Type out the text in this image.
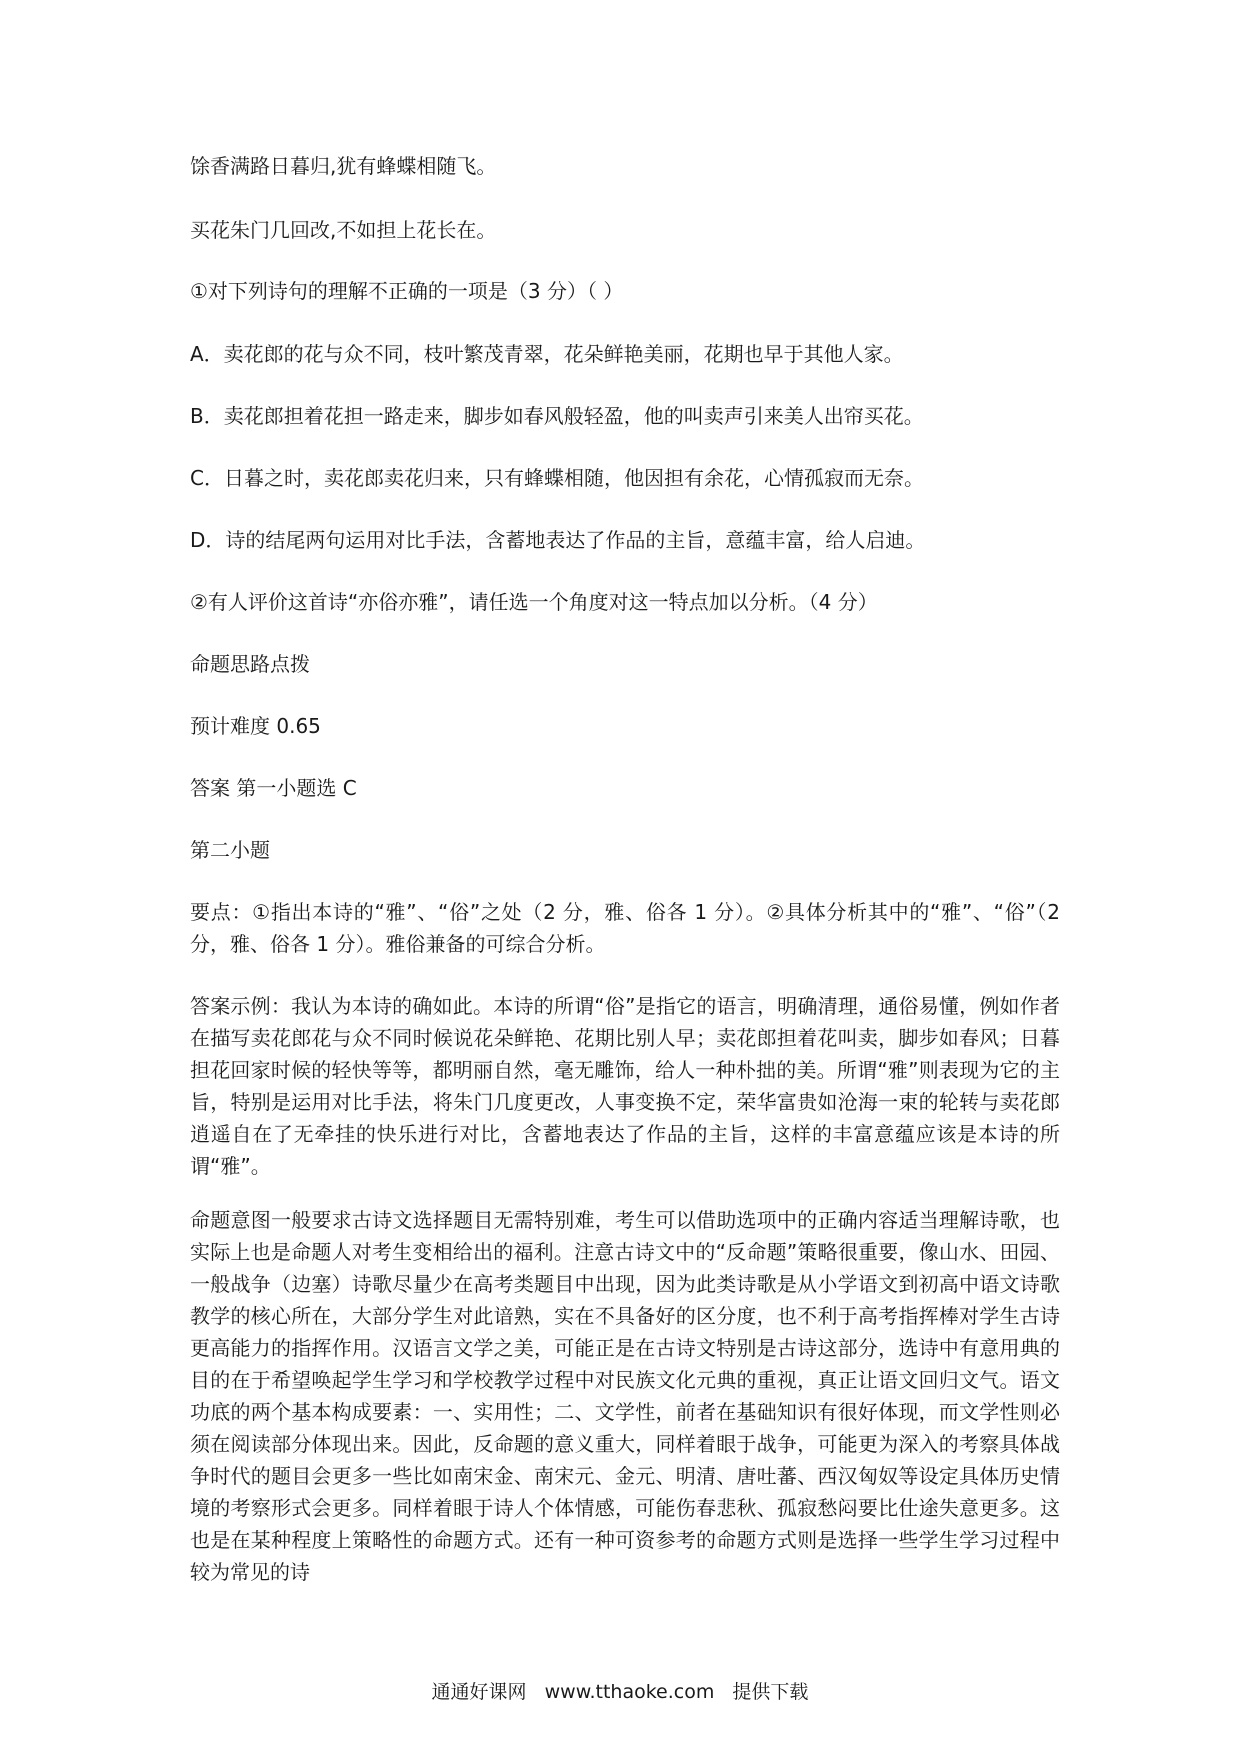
馀香满路日暮归,犹有蜂蝶相随飞。

买花朱门几回改,不如担上花长在。

①对下列诗句的理解不正确的一项是（3 分）（ ）

A．卖花郎的花与众不同，枝叶繁茂青翠，花朵鲜艳美丽，花期也早于其他人家。

B．卖花郎担着花担一路走来，脚步如春风般轻盈，他的叫卖声引来美人出帘买花。

C．日暮之时，卖花郎卖花归来，只有蜂蝶相随，他因担有余花，心情孤寂而无奈。

D．诗的结尾两句运用对比手法，含蓄地表达了作品的主旨，意蕴丰富，给人启迪。

②有人评价这首诗“亦俗亦雅”，请任选一个角度对这一特点加以分析。（4 分）

命题思路点拨

预计难度 0.65

答案 第一小题选 C

第二小题

要点：①指出本诗的“雅”、“俗”之处（2 分，雅、俗各 1 分）。②具体分析其中的“雅”、“俗”（2 分，雅、俗各 1 分）。雅俗兼备的可综合分析。

答案示例：我认为本诗的确如此。本诗的所谓“俗”是指它的语言，明确清理，通俗易懂，例如作者在描写卖花郎花与众不同时候说花朵鲜艳、花期比别人早；卖花郎担着花叫卖，脚步如春风；日暮担花回家时候的轻快等等，都明丽自然，毫无雕饰，给人一种朴拙的美。所谓“雅”则表现为它的主旨，特别是运用对比手法，将朱门几度更改，人事变换不定，荣华富贵如沧海一束的轮转与卖花郎逍遥自在了无牵挂的快乐进行对比，含蓄地表达了作品的主旨，这样的丰富意蕴应该是本诗的所谓“雅”。

命题意图一般要求古诗文选择题目无需特别难，考生可以借助选项中的正确内容适当理解诗歌，也实际上也是命题人对考生变相给出的福利。注意古诗文中的“反命题”策略很重要，像山水、田园、一般战争（边塞）诗歌尽量少在高考类题目中出现，因为此类诗歌是从小学语文到初高中语文诗歌教学的核心所在，大部分学生对此谙熟，实在不具备好的区分度，也不利于高考指挥棒对学生古诗更高能力的指挥作用。汉语言文学之美，可能正是在古诗文特别是古诗这部分，选诗中有意用典的目的在于希望唤起学生学习和学校教学过程中对民族文化元典的重视，真正让语文回归文气。语文功底的两个基本构成要素：一、实用性；二、文学性，前者在基础知识有很好体现，而文学性则必须在阅读部分体现出来。因此，反命题的意义重大，同样着眼于战争，可能更为深入的考察具体战争时代的题目会更多一些比如南宋金、南宋元、金元、明清、唐吐蕃、西汉匈奴等设定具体历史情境的考察形式会更多。同样着眼于诗人个体情感，可能伤春悲秋、孤寂愁闷要比仕途失意更多。这也是在某种程度上策略性的命题方式。还有一种可资参考的命题方式则是选择一些学生学习过程中较为常见的诗

通通好课网 www.tthaoke.com 提供下载
